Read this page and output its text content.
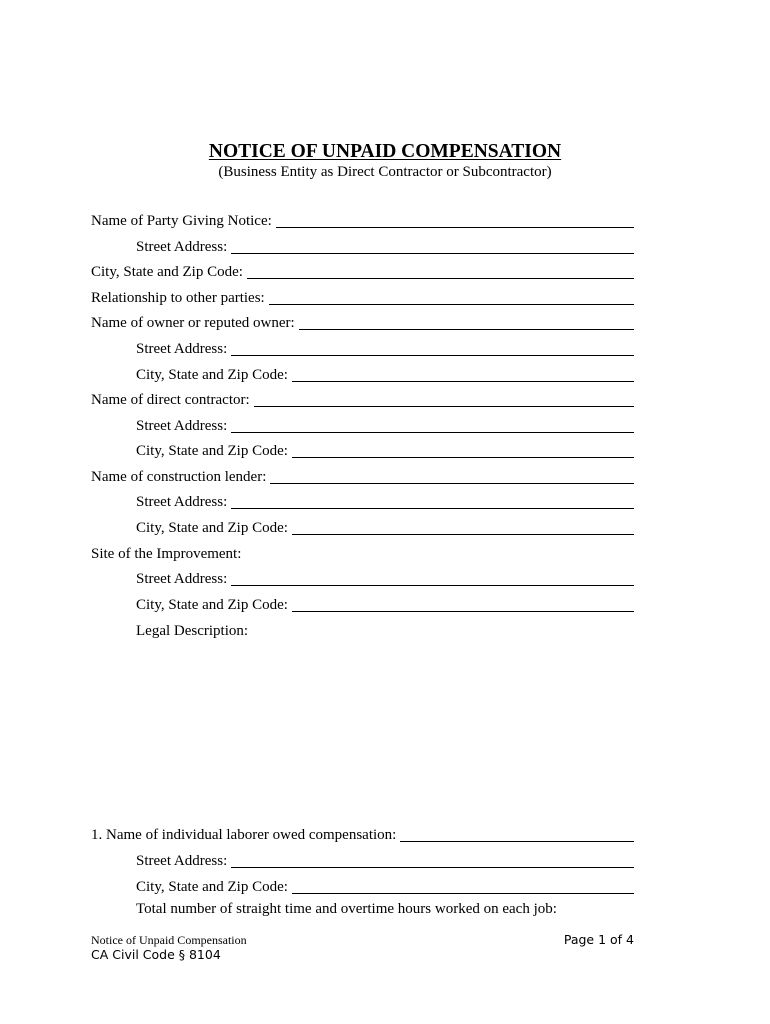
NOTICE OF UNPAID COMPENSATION
(Business Entity as Direct Contractor or Subcontractor)
Name of Party Giving Notice:
Street Address:
City, State and Zip Code:
Relationship to other parties:
Name of owner or reputed owner:
Street Address:
City, State and Zip Code:
Name of direct contractor:
Street Address:
City, State and Zip Code:
Name of construction lender:
Street Address:
City, State and Zip Code:
Site of the Improvement:
Street Address:
City, State and Zip Code:
Legal Description:
1. Name of individual laborer owed compensation:
Street Address:
City, State and Zip Code:
Total number of straight time and overtime hours worked on each job:
Notice of Unpaid Compensation
CA Civil Code § 8104
Page 1 of 4
